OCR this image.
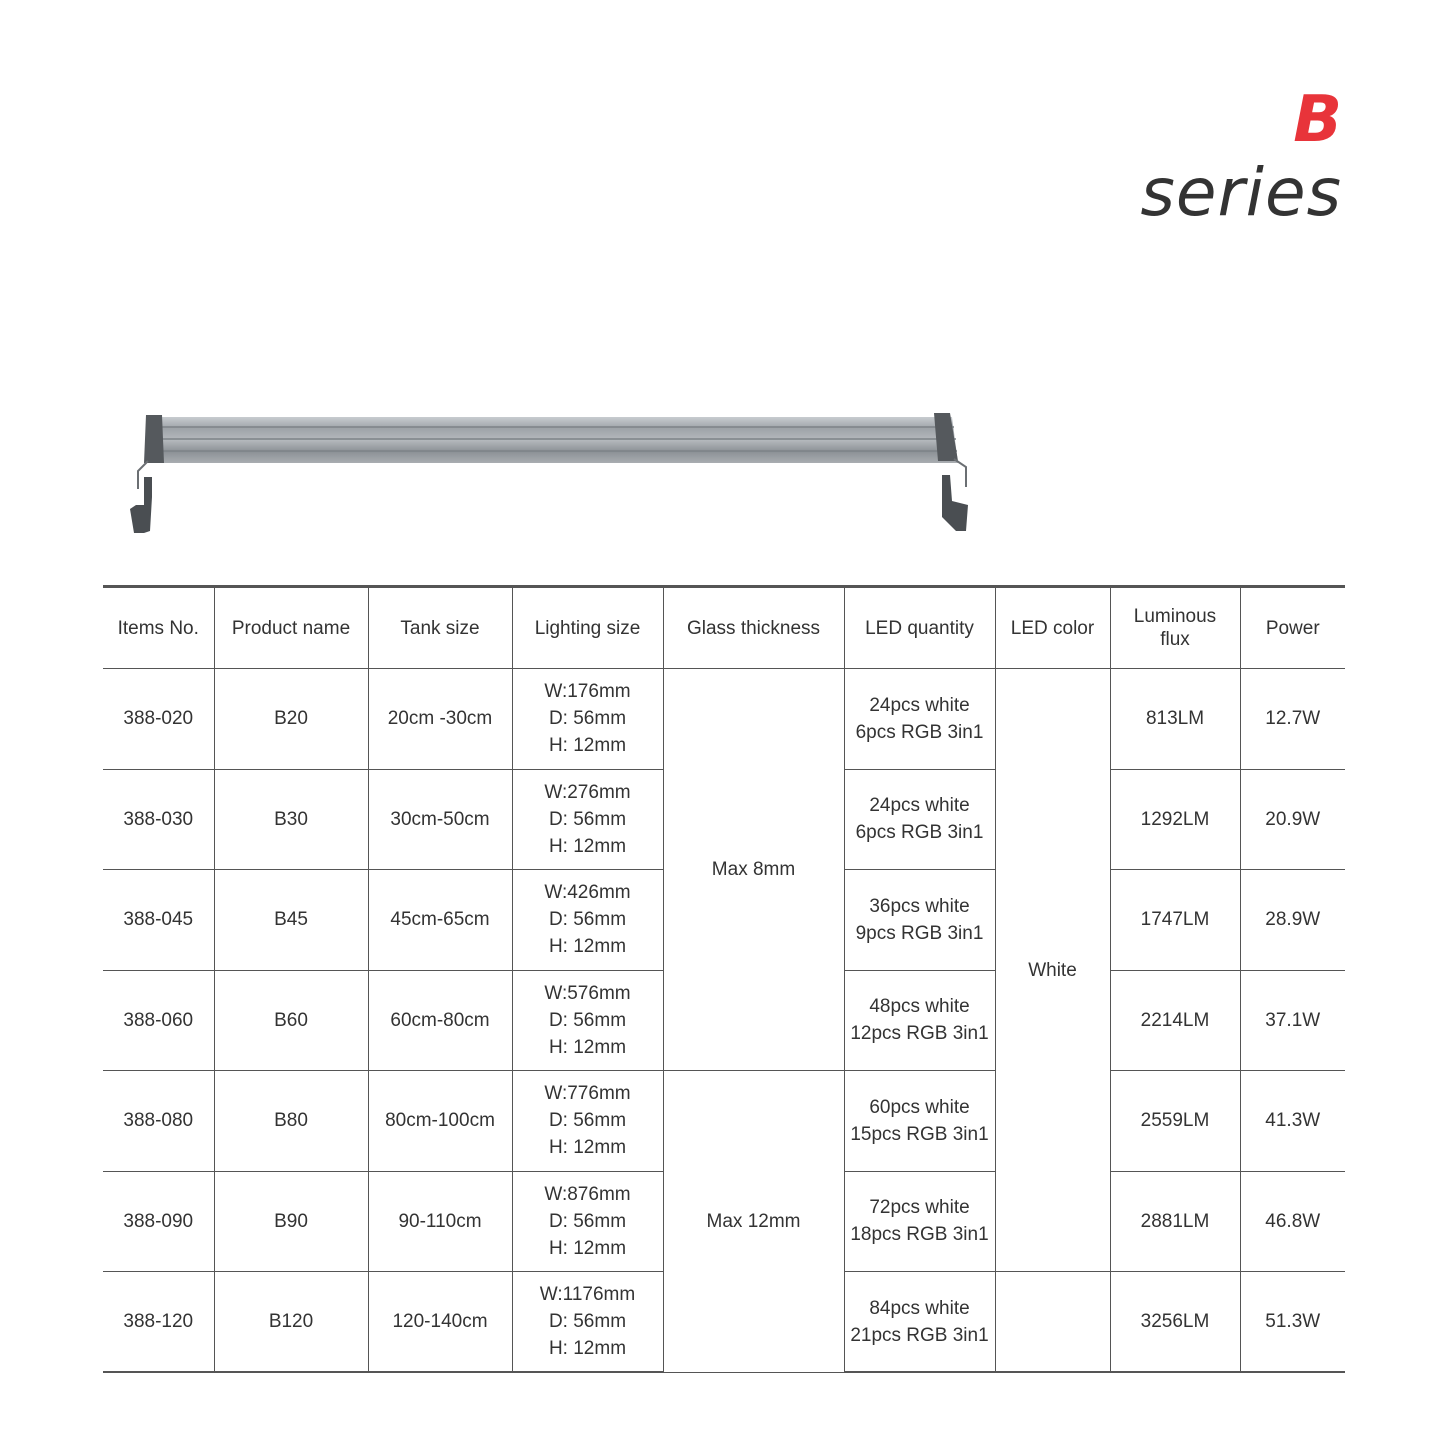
B
series
Items No.	Product name	Tank size	Lighting size	Glass thickness	LED quantity	LED color	Luminous flux	Power
388-020	B20	20cm -30cm	W:176mm
D: 56mm
H: 12mm	Max 8mm	24pcs white
6pcs RGB 3in1	White	813LM	12.7W
388-030	B30	30cm-50cm	W:276mm
D: 56mm
H: 12mm		24pcs white
6pcs RGB 3in1		1292LM	20.9W
388-045	B45	45cm-65cm	W:426mm
D: 56mm
H: 12mm		36pcs white
9pcs RGB 3in1		1747LM	28.9W
388-060	B60	60cm-80cm	W:576mm
D: 56mm
H: 12mm		48pcs white
12pcs RGB 3in1		2214LM	37.1W
388-080	B80	80cm-100cm	W:776mm
D: 56mm
H: 12mm	Max 12mm	60pcs white
15pcs RGB 3in1		2559LM	41.3W
388-090	B90	90-110cm	W:876mm
D: 56mm
H: 12mm		72pcs white
18pcs RGB 3in1		2881LM	46.8W
388-120	B120	120-140cm	W:1176mm
D: 56mm
H: 12mm		84pcs white
21pcs RGB 3in1		3256LM	51.3W
